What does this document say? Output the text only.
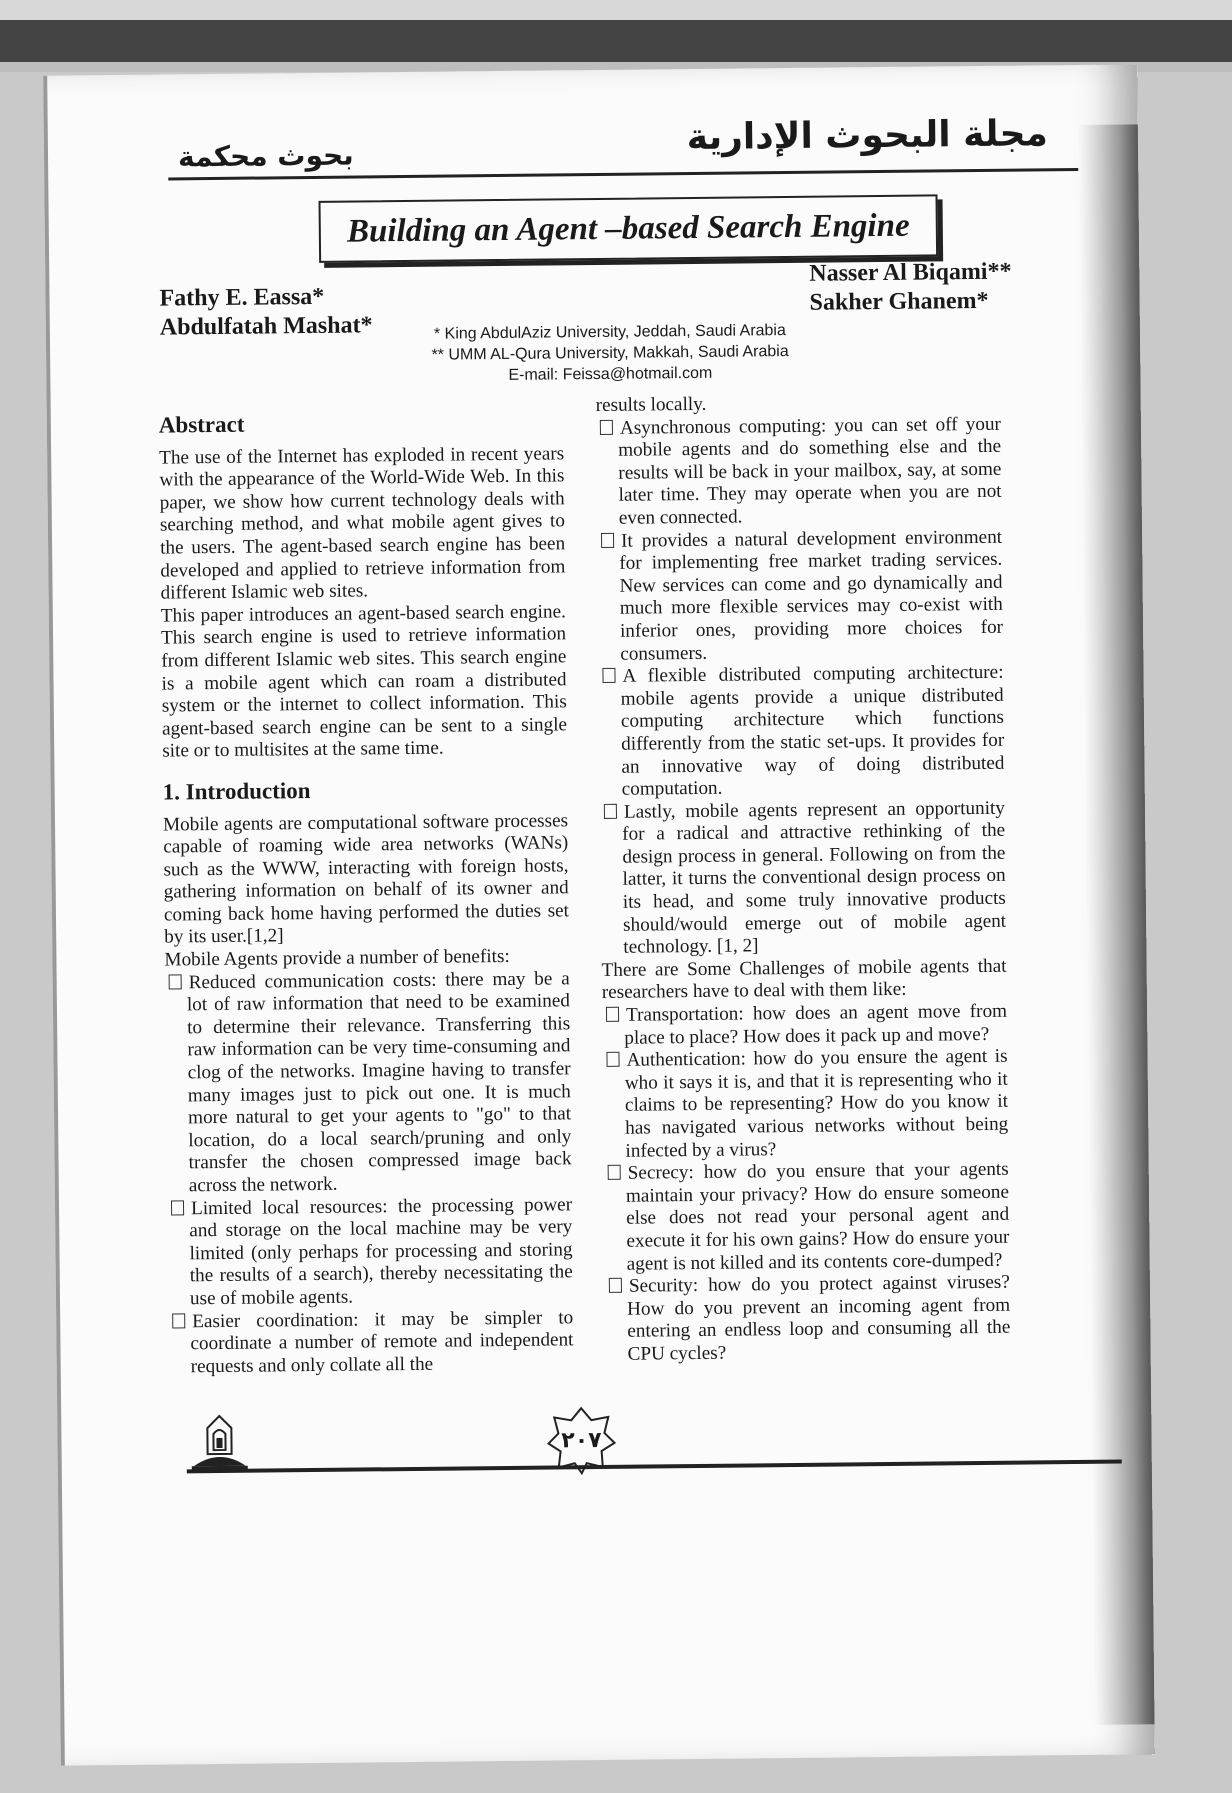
مجلة البحوث الإدارية
بحوث محكمة
Building an Agent –based Search Engine
Fathy E. Eassa*
Abdulfatah Mashat*
Nasser Al Biqami**
Sakher Ghanem*
* King AbdulAziz University, Jeddah, Saudi Arabia
** UMM AL-Qura University, Makkah, Saudi Arabia
E-mail: Feissa@hotmail.com
Abstract

The use of the Internet has exploded in recent years with the appearance of the World-Wide Web. In this paper, we show how current technology deals with searching method, and what mobile agent gives to the users. The agent-based search engine has been developed and applied to retrieve information from different Islamic web sites.

This paper introduces an agent-based search engine. This search engine is used to retrieve information from different Islamic web sites. This search engine is a mobile agent which can roam a distributed system or the internet to collect information. This agent-based search engine can be sent to a single site or to multisites at the same time.

1. Introduction

Mobile agents are computational software processes capable of roaming wide area networks (WANs) such as the WWW, interacting with foreign hosts, gathering information on behalf of its owner and coming back home having performed the duties set by its user.[1,2]

Mobile Agents provide a number of benefits:

Reduced communication costs: there may be a lot of raw information that need to be examined to determine their relevance. Transferring this raw information can be very time-consuming and clog of the networks. Imagine having to transfer many images just to pick out one. It is much more natural to get your agents to "go" to that location, do a local search/pruning and only transfer the chosen compressed image back across the network.
Limited local resources: the processing power and storage on the local machine may be very limited (only perhaps for processing and storing the results of a search), thereby necessitating the use of mobile agents.
Easier coordination: it may be simpler to coordinate a number of remote and independent requests and only collate all the

results locally.

Asynchronous computing: you can set off your mobile agents and do something else and the results will be back in your mailbox, say, at some later time. They may operate when you are not even connected.
It provides a natural development environment for implementing free market trading services. New services can come and go dynamically and much more flexible services may co-exist with inferior ones, providing more choices for consumers.
A flexible distributed computing architecture: mobile agents provide a unique distributed computing architecture which functions differently from the static set-ups. It provides for an innovative way of doing distributed computation.
Lastly, mobile agents represent an opportunity for a radical and attractive rethinking of the design process in general. Following on from the latter, it turns the conventional design process on its head, and some truly innovative products should/would emerge out of mobile agent technology. [1, 2]

There are Some Challenges of mobile agents that researchers have to deal with them like:

Transportation: how does an agent move from place to place? How does it pack up and move?
Authentication: how do you ensure the agent is who it says it is, and that it is representing who it claims to be representing? How do you know it has navigated various networks without being infected by a virus?
Secrecy: how do you ensure that your agents maintain your privacy? How do ensure someone else does not read your personal agent and execute it for his own gains? How do ensure your agent is not killed and its contents core-dumped?
Security: how do you protect against viruses? How do you prevent an incoming agent from entering an endless loop and consuming all the CPU cycles?
٢٠٧
